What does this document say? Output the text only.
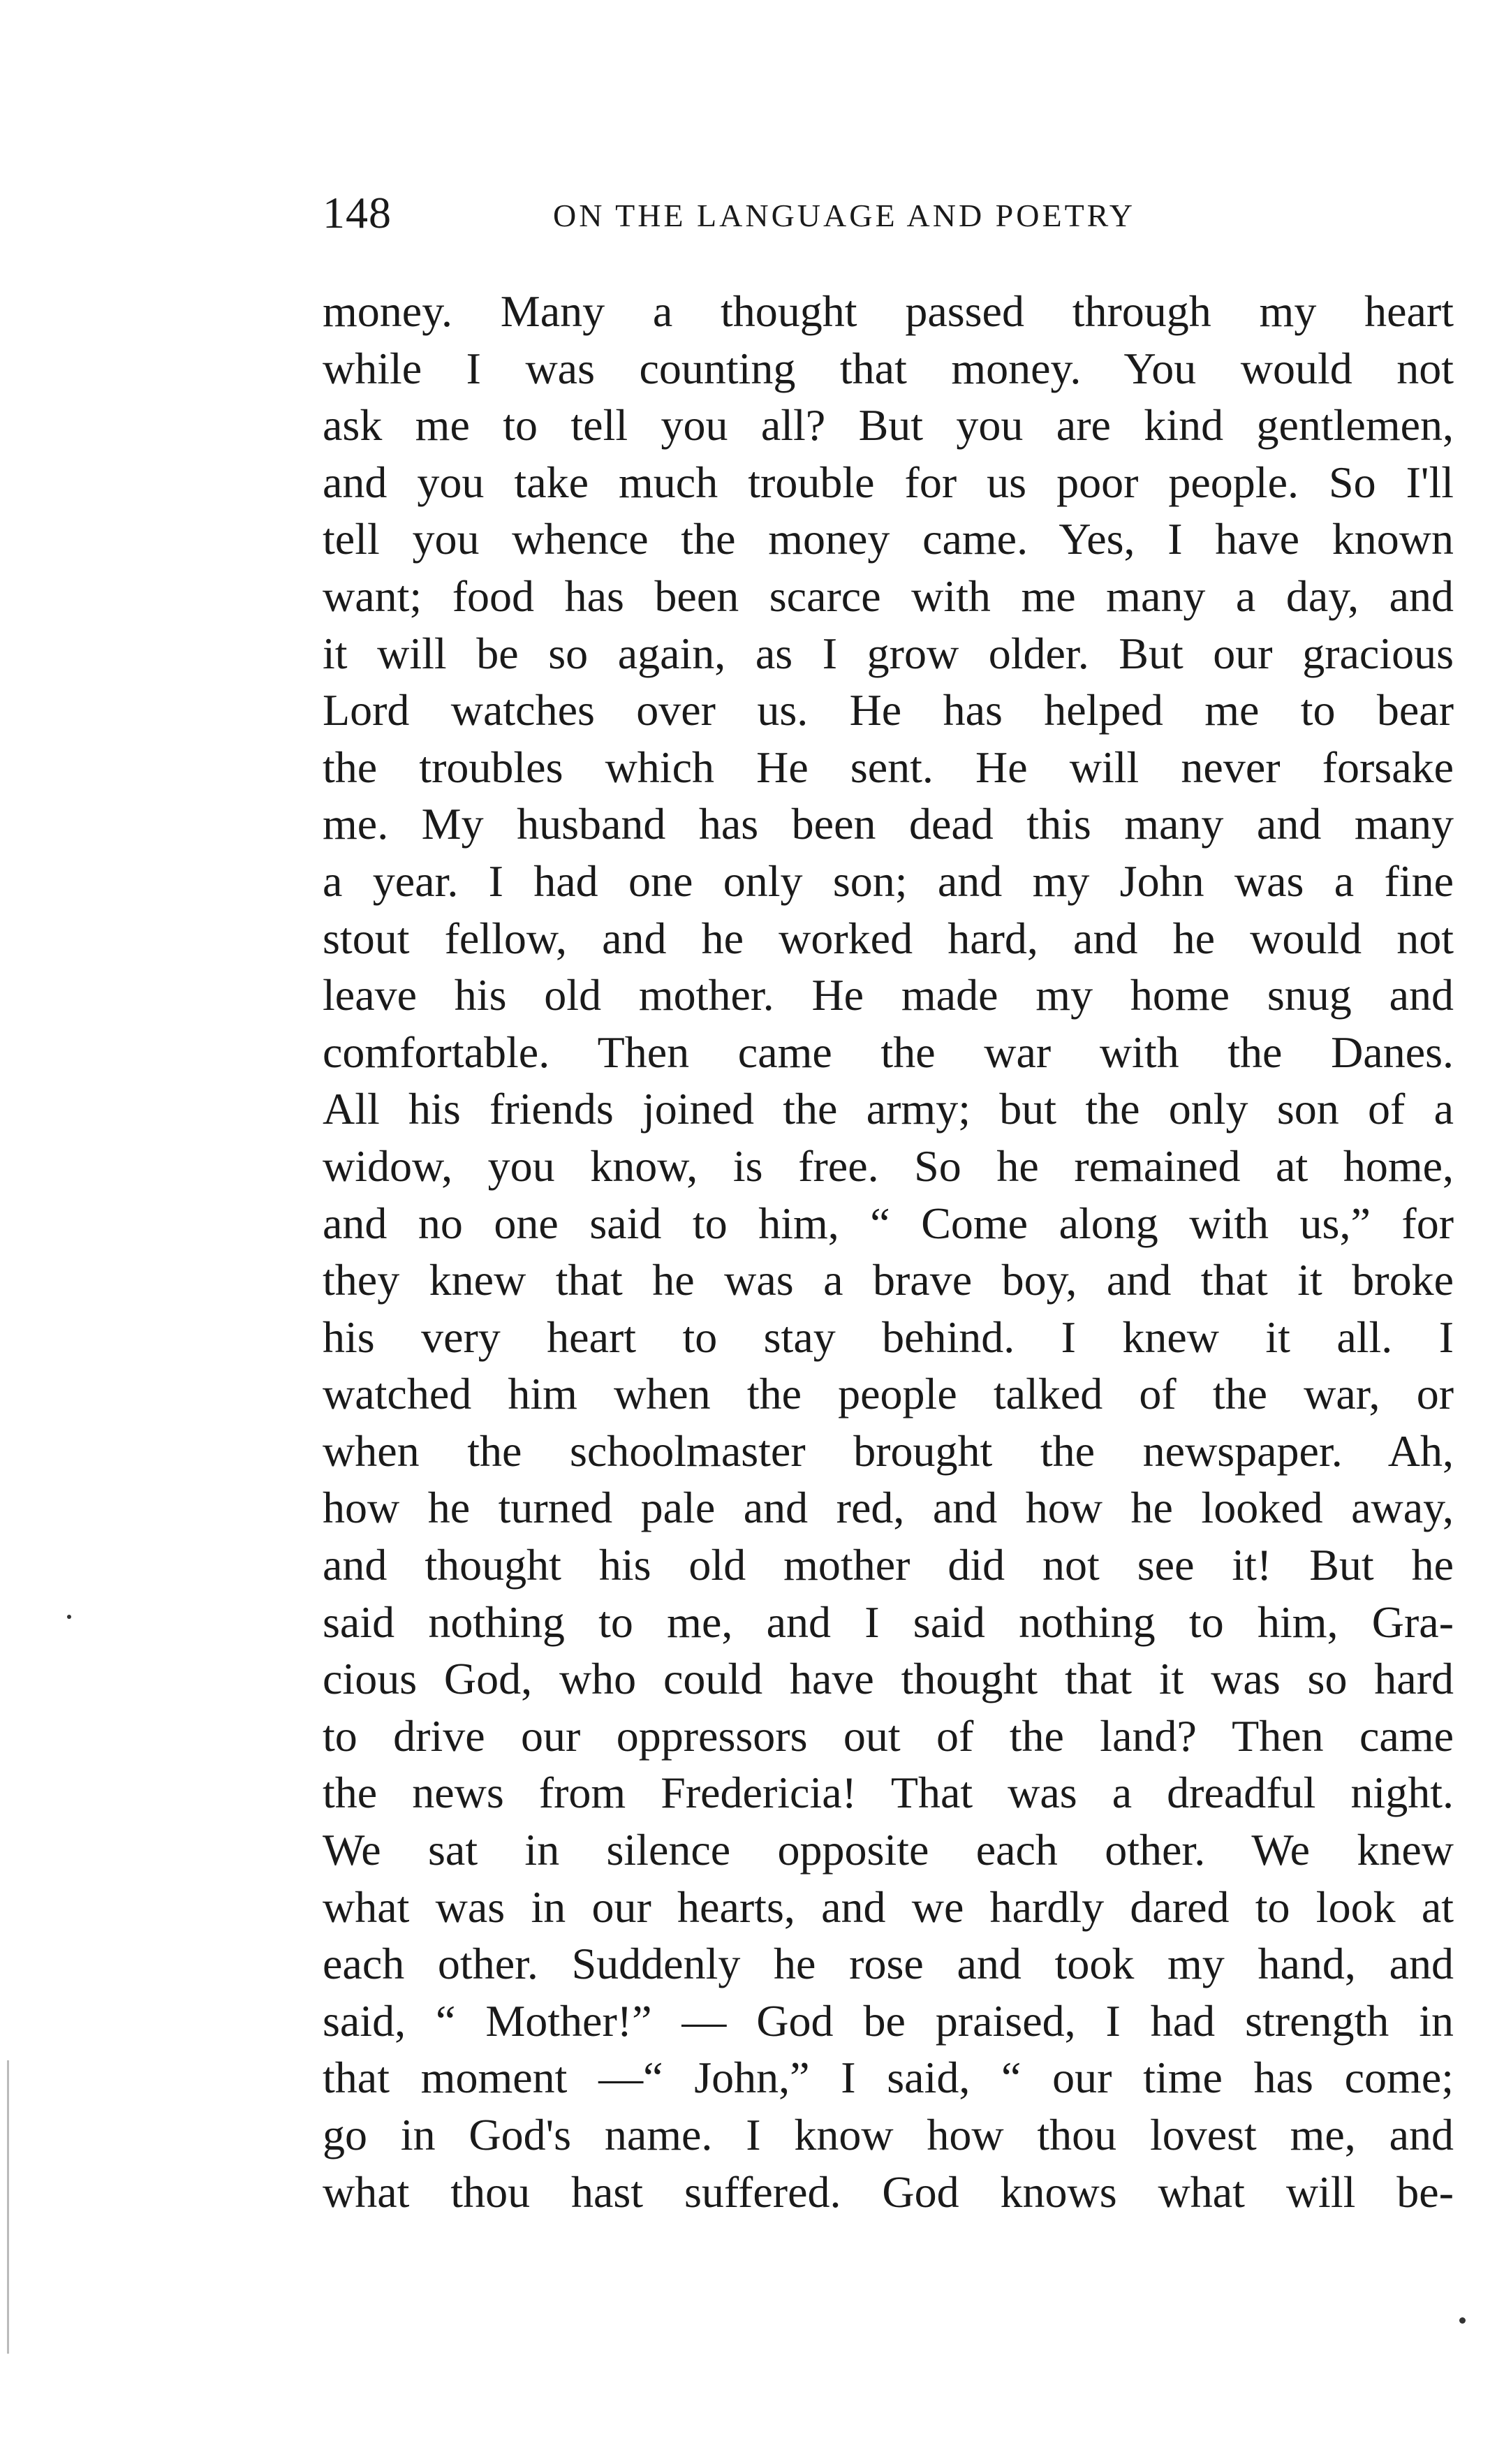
148	ON THE LANGUAGE AND POETRY
money. Many a thought passed through my heart
while I was counting that money. You would not
ask me to tell you all? But you are kind gentlemen,
and you take much trouble for us poor people. So I'll
tell you whence the money came. Yes, I have known
want; food has been scarce with me many a day, and
it will be so again, as I grow older. But our gracious
Lord watches over us. He has helped me to bear
the troubles which He sent. He will never forsake
me. My husband has been dead this many and many
a year. I had one only son; and my John was a fine
stout fellow, and he worked hard, and he would not
leave his old mother. He made my home snug and
comfortable. Then came the war with the Danes.
All his friends joined the army; but the only son of a
widow, you know, is free. So he remained at home,
and no one said to him, “ Come along with us,” for
they knew that he was a brave boy, and that it broke
his very heart to stay behind. I knew it all. I
watched him when the people talked of the war, or
when the schoolmaster brought the newspaper. Ah,
how he turned pale and red, and how he looked away,
and thought his old mother did not see it! But he
said nothing to me, and I said nothing to him, Gra-
cious God, who could have thought that it was so hard
to drive our oppressors out of the land? Then came
the news from Fredericia! That was a dreadful night.
We sat in silence opposite each other. We knew
what was in our hearts, and we hardly dared to look at
each other. Suddenly he rose and took my hand, and
said, “ Mother!” — God be praised, I had strength in
that moment —“ John,” I said, “ our time has come;
go in God's name. I know how thou lovest me, and
what thou hast suffered. God knows what will be-
